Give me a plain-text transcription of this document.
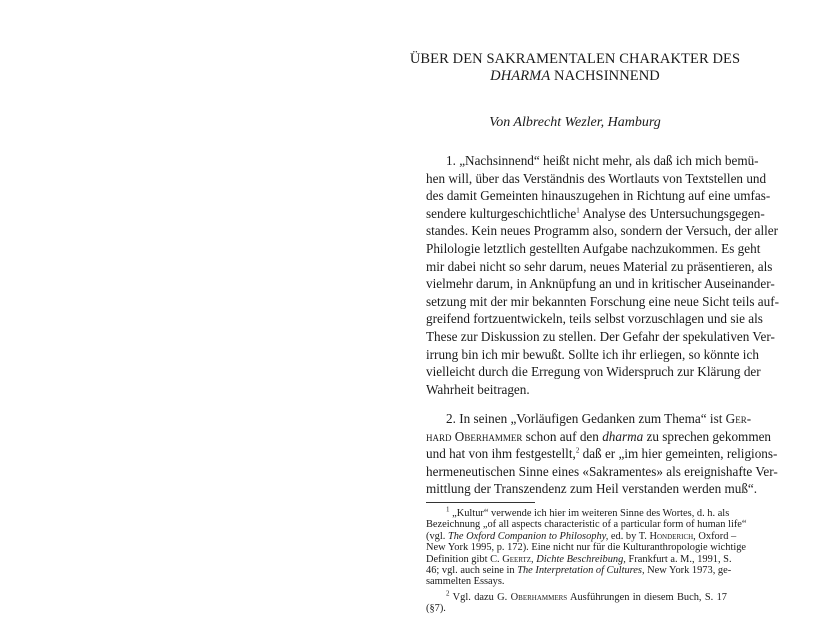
ÜBER DEN SAKRAMENTALEN CHARAKTER DES
DHARMA NACHSINNEND
Von Albrecht Wezler, Hamburg
1. „Nachsinnend“ heißt nicht mehr, als daß ich mich bemü-
hen will, über das Verständnis des Wortlauts von Textstellen und
des damit Gemeinten hinauszugehen in Richtung auf eine umfas-
sendere kulturgeschichtliche$^1$ Analyse des Untersuchungsgegen-
standes. Kein neues Programm also, sondern der Versuch, der aller
Philologie letztlich gestellten Aufgabe nachzukommen. Es geht
mir dabei nicht so sehr darum, neues Material zu präsentieren, als
vielmehr darum, in Anknüpfung an und in kritischer Auseinander-
setzung mit der mir bekannten Forschung eine neue Sicht teils auf-
greifend fortzuentwickeln, teils selbst vorzuschlagen und sie als
These zur Diskussion zu stellen. Der Gefahr der spekulativen Ver-
irrung bin ich mir bewußt. Sollte ich ihr erliegen, so könnte ich
vielleicht durch die Erregung von Widerspruch zur Klärung der
Wahrheit beitragen.
2. In seinen „Vorläufigen Gedanken zum Thema“ ist Ger-
hard Oberhammer schon auf den dharma zu sprechen gekommen
und hat von ihm festgestellt,$^2$ daß er „im hier gemeinten, religions-
hermeneutischen Sinne eines «Sakramentes» als ereignishafte Ver-
mittlung der Transzendenz zum Heil verstanden werden muß“.
$^1$ „Kultur“ verwende ich hier im weiteren Sinne des Wortes, d. h. als
Bezeichnung „of all aspects characteristic of a particular form of human life“
(vgl. The Oxford Companion to Philosophy, ed. by T. Honderich, Oxford –
New York 1995, p. 172). Eine nicht nur für die Kulturanthropologie wichtige
Definition gibt C. Geertz, Dichte Beschreibung, Frankfurt a. M., 1991, S.
46; vgl. auch seine in The Interpretation of Cultures, New York 1973, ge-
sammelten Essays.
$^2$ Vgl. dazu G. Oberhammers Ausführungen in diesem Buch, S. 17
(§7).
